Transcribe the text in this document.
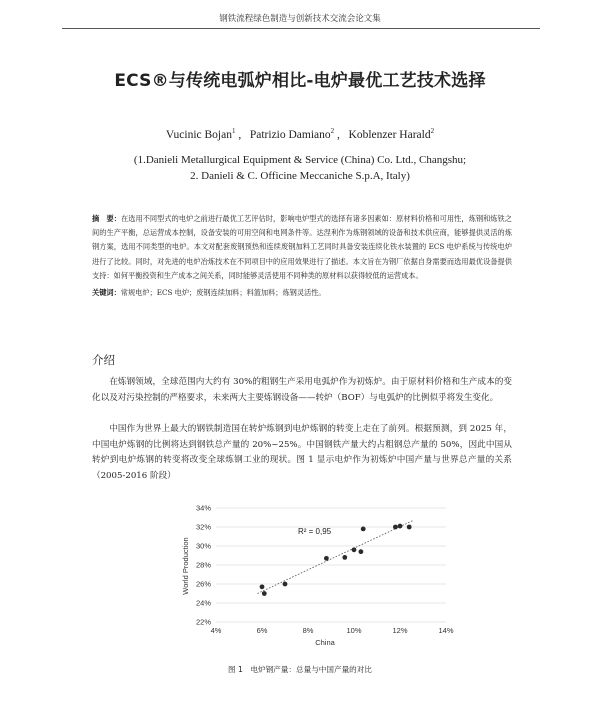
钢铁流程绿色制造与创新技术交流会论文集
ECS®与传统电弧炉相比-电炉最优工艺技术选择
Vucinic Bojan$^1$ , Patrizio Damiano$^2$ , Koblenzer Harald$^2$
(1.Danieli Metallurgical Equipment & Service (China) Co. Ltd., Changshu;
2. Danieli & C. Officine Meccaniche S.p.A, Italy)
摘　要：在选用不同型式的电炉之前进行最优工艺评估时，影响电炉型式的选择有诸多因素如：原材料价格和可用性，炼钢和炼铁之间的生产平衡，总运营成本控制，设备安装的可用空间和电网条件等。达涅利作为炼钢领域的设备和技术供应商，能够提供灵活的炼钢方案，选用不同类型的电炉。本文对配套废钢预热和连续废钢加料工艺同时具备安装连续化铁水装置的 ECS 电炉系统与传统电炉进行了比较。同时，对先进的电炉冶炼技术在不同项目中的应用效果进行了描述。本文旨在为钢厂依据自身需要而选用最优设备提供支持：如何平衡投资和生产成本之间关系，同时能够灵活使用不同种类的原材料以获得较低的运营成本。
关键词：常规电炉；ECS 电炉；废钢连续加料；料篮加料；炼钢灵活性。
介绍
在炼钢领域，全球范围内大约有 30%的粗钢生产采用电弧炉作为初炼炉。由于原材料价格和生产成本的变化以及对污染控制的严格要求，未来两大主要炼钢设备——转炉（BOF）与电弧炉的比例似乎将发生变化。
中国作为世界上最大的钢铁制造国在转炉炼钢到电炉炼钢的转变上走在了前列。根据预测，到 2025 年，中国电炉炼钢的比例将达到钢铁总产量的 20%~25%。中国钢铁产量大约占粗钢总产量的 50%，因此中国从转炉到电炉炼钢的转变将改变全球炼钢工业的现状。图 1 显示电炉作为初炼炉中国产量与世界总产量的关系（2005-2016 阶段）
22%
24%
26%
28%
30%
32%
34%
4%	6%	8%	10%	12%	14%
R² = 0,95
China
World Production
图 1　电炉钢产量：总量与中国产量的对比
